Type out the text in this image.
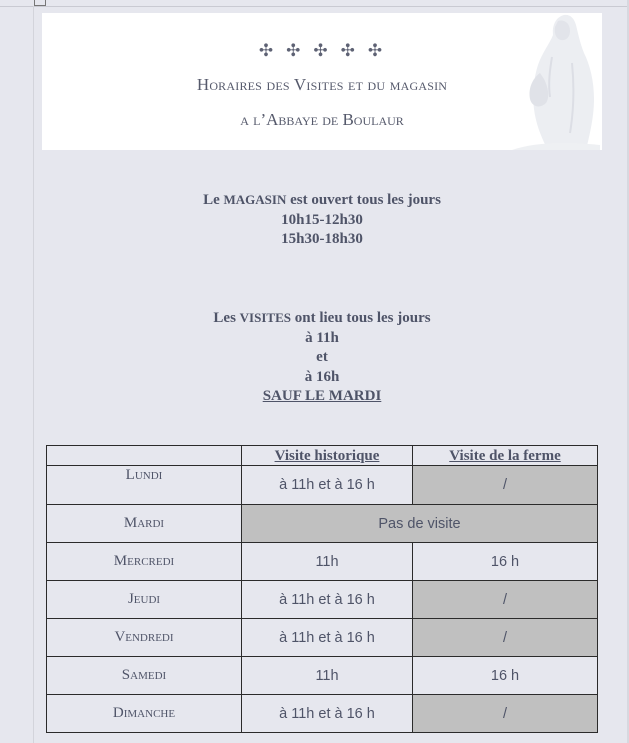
✣✣✣✣✣
Horaires des Visites et du magasin
a l’Abbaye de Boulaur
Le MAGASIN est ouvert tous les jours
10h15-12h30
15h30-18h30
Les VISITES ont lieu tous les jours
à 11h
et
à 16h
SAUF LE MARDI
	Visite historique	Visite de la ferme
Lundi	à 11h et à 16 h	/
Mardi	Pas de visite	
Mercredi	11h	16 h
Jeudi	à 11h et à 16 h	/
Vendredi	à 11h et à 16 h	/
Samedi	11h	16 h
Dimanche	à 11h et à 16 h	/
